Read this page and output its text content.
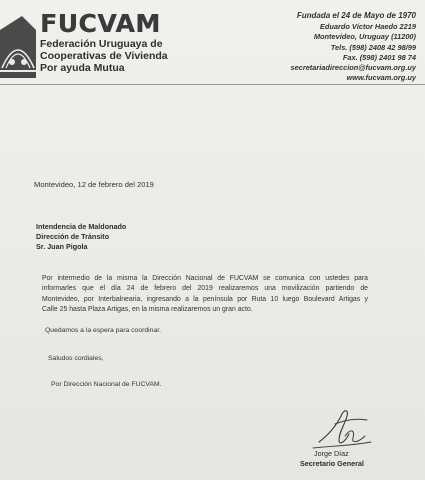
FUCVAM
Federación Uruguaya de
Cooperativas de Vivienda
Por ayuda Mutua
Fundada el 24 de Mayo de 1970
Eduardo Víctor Haedo 2219
Montevideo, Uruguay (11200)
Tels. (598) 2408 42 98/99
Fax. (598) 2401 98 74
secretariadireccion@fucvam.org.uy
www.fucvam.org.uy
Montevideo, 12 de febrero del 2019
Intendencia de Maldonado
Dirección de Tránsito
Sr. Juan Pigola
Por intermedio de la misma la Dirección Nacional de FUCVAM se comunica con ustedes para
informarles que el día 24 de febrero del 2019 realizaremos una movilización partiendo de
Montevideo, por Interbalnearia, ingresando a la península por Ruta 10 luego Boulevard Artigas y
Calle 25 hasta Plaza Artigas, en la misma realizaremos un gran acto.
Quedamos a la espera para coordinar.
Saludos cordiales,
Por Dirección Nacional de FUCVAM.
Jorge Díaz
Secretario General
